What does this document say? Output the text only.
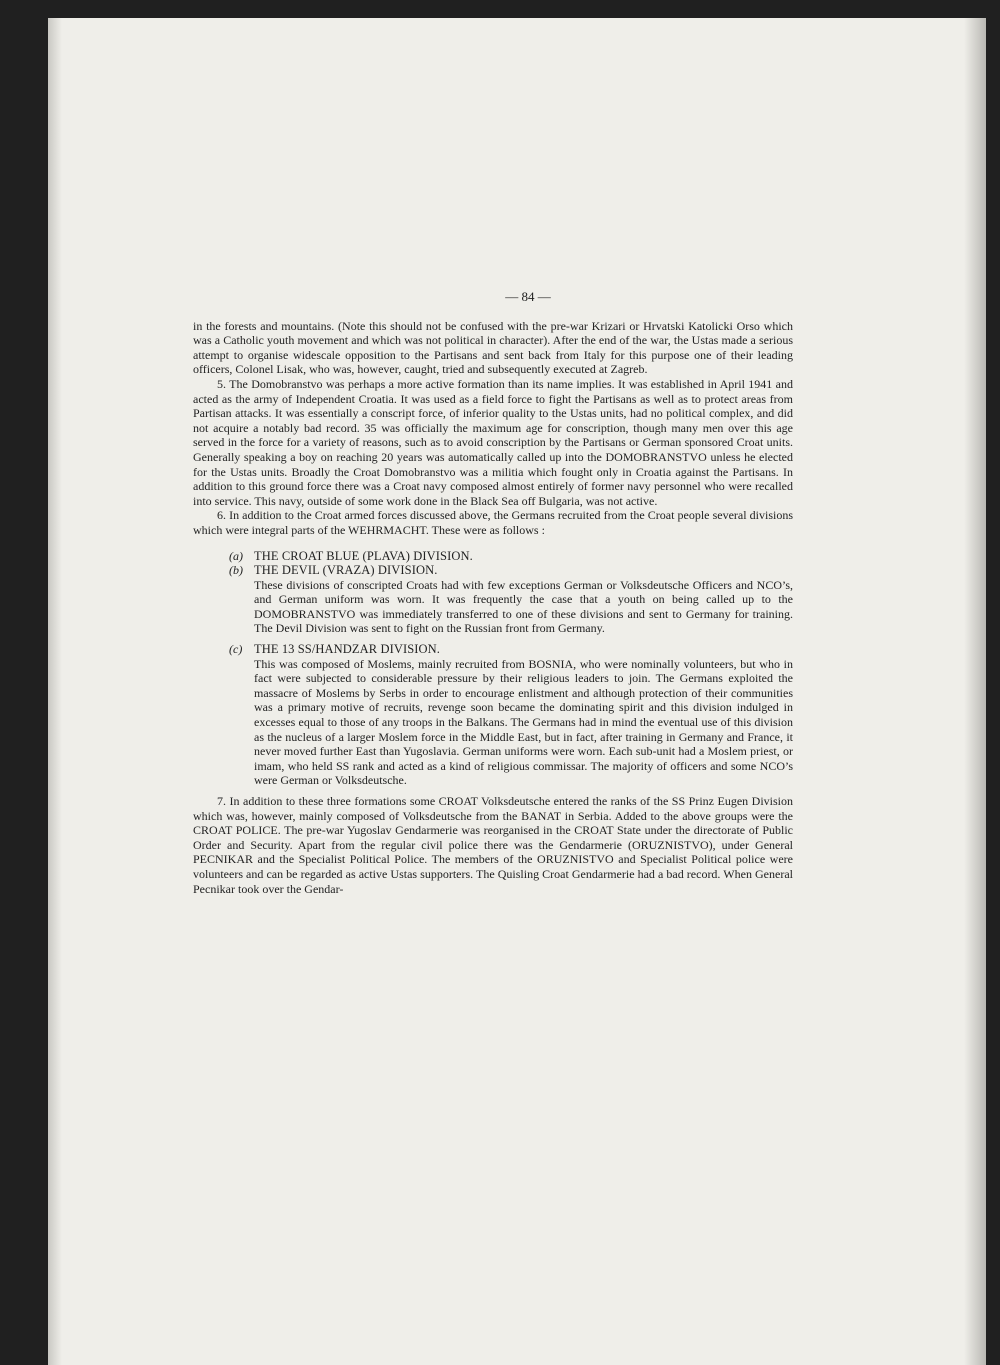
— 84 —

in the forests and mountains. (Note this should not be confused with the pre-war Krizari or Hrvatski Katolicki Orso which was a Catholic youth movement and which was not political in character). After the end of the war, the Ustas made a serious attempt to organise widescale opposition to the Partisans and sent back from Italy for this purpose one of their leading officers, Colonel Lisak, who was, however, caught, tried and subsequently executed at Zagreb.

5. The Domobranstvo was perhaps a more active formation than its name implies. It was established in April 1941 and acted as the army of Independent Croatia. It was used as a field force to fight the Partisans as well as to protect areas from Partisan attacks. It was essentially a conscript force, of inferior quality to the Ustas units, had no political complex, and did not acquire a notably bad record. 35 was officially the maximum age for conscription, though many men over this age served in the force for a variety of reasons, such as to avoid conscription by the Partisans or German sponsored Croat units. Generally speaking a boy on reaching 20 years was automatically called up into the DOMOBRANSTVO unless he elected for the Ustas units. Broadly the Croat Domobranstvo was a militia which fought only in Croatia against the Partisans. In addition to this ground force there was a Croat navy composed almost entirely of former navy personnel who were recalled into service. This navy, outside of some work done in the Black Sea off Bulgaria, was not active.

6. In addition to the Croat armed forces discussed above, the Germans recruited from the Croat people several divisions which were integral parts of the WEHRMACHT. These were as follows :

(a) THE CROAT BLUE (PLAVA) DIVISION.
(b) THE DEVIL (VRAZA) DIVISION.

These divisions of conscripted Croats had with few exceptions German or Volksdeutsche Officers and NCO’s, and German uniform was worn. It was frequently the case that a youth on being called up to the DOMOBRANSTVO was immediately transferred to one of these divisions and sent to Germany for training. The Devil Division was sent to fight on the Russian front from Germany.

(c) THE 13 SS/HANDZAR DIVISION.

This was composed of Moslems, mainly recruited from BOSNIA, who were nominally volunteers, but who in fact were subjected to considerable pressure by their religious leaders to join. The Germans exploited the massacre of Moslems by Serbs in order to encourage enlistment and although protection of their communities was a primary motive of recruits, revenge soon became the dominating spirit and this division indulged in excesses equal to those of any troops in the Balkans. The Germans had in mind the eventual use of this division as the nucleus of a larger Moslem force in the Middle East, but in fact, after training in Germany and France, it never moved further East than Yugoslavia. German uniforms were worn. Each sub-unit had a Moslem priest, or imam, who held SS rank and acted as a kind of religious commissar. The majority of officers and some NCO’s were German or Volksdeutsche.

7. In addition to these three formations some CROAT Volksdeutsche entered the ranks of the SS Prinz Eugen Division which was, however, mainly composed of Volksdeutsche from the BANAT in Serbia. Added to the above groups were the CROAT POLICE. The pre-war Yugoslav Gendarmerie was reorganised in the CROAT State under the directorate of Public Order and Security. Apart from the regular civil police there was the Gendarmerie (ORUZNISTVO), under General PECNIKAR and the Specialist Political Police. The members of the ORUZNISTVO and Specialist Political police were volunteers and can be regarded as active Ustas supporters. The Quisling Croat Gendarmerie had a bad record. When General Pecnikar took over the Gendar-
